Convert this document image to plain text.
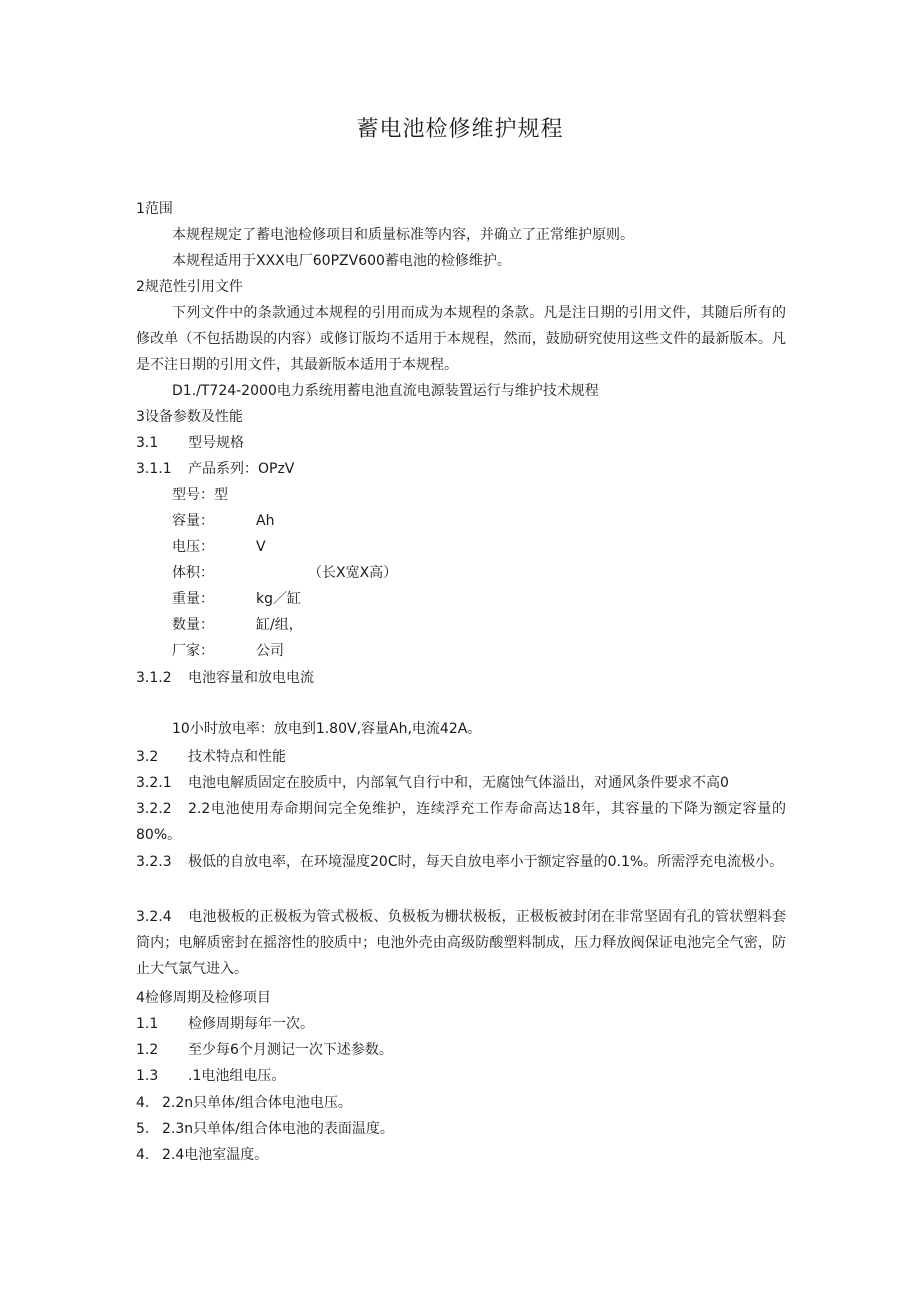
蓄电池检修维护规程
1范围
本规程规定了蓄电池检修项目和质量标准等内容，并确立了正常维护原则。
本规程适用于XXX电厂60PZV600蓄电池的检修维护。
2规范性引用文件
下列文件中的条款通过本规程的引用而成为本规程的条款。凡是注日期的引用文件，其随后所有的修改单（不包括勘误的内容）或修订版均不适用于本规程，然而，鼓励研究使用这些文件的最新版本。凡是不注日期的引用文件，其最新版本适用于本规程。
D1./T724-2000电力系统用蓄电池直流电源装置运行与维护技术规程
3设备参数及性能
3.1 型号规格
3.1.1 产品系列：OPzV
型号：型
容量：	Ah
电压：	V
体积：	（长X宽X高）
重量：	kg／缸
数量：	缸/组，
厂家：	公司
3.1.2 电池容量和放电电流
10小时放电率：放电到1.80V,容量Ah,电流42A。
3.2 技术特点和性能
3.2.1 电池电解质固定在胶质中，内部氧气自行中和，无腐蚀气体溢出，对通风条件要求不高0
3.2.2 2.2电池使用寿命期间完全免维护，连续浮充工作寿命高达18年，其容量的下降为额定容量的80%。
3.2.3 极低的自放电率，在环境湿度20C时，每天自放电率小于额定容量的0.1%。所需浮充电流极小。
3.2.4 电池极板的正极板为管式极板、负极板为栅状极板，正极板被封闭在非常坚固有孔的管状塑料套筒内；电解质密封在摇溶性的胶质中；电池外壳由高级防酸塑料制成，压力释放阀保证电池完全气密，防止大气氯气进入。
4检修周期及检修项目
1.1 检修周期每年一次。
1.2 至少每6个月测记一次下述参数。
1.3 .1电池组电压。
4. 2.2n只单体/组合体电池电压。
5. 2.3n只单体/组合体电池的表面温度。
4. 2.4电池室温度。
